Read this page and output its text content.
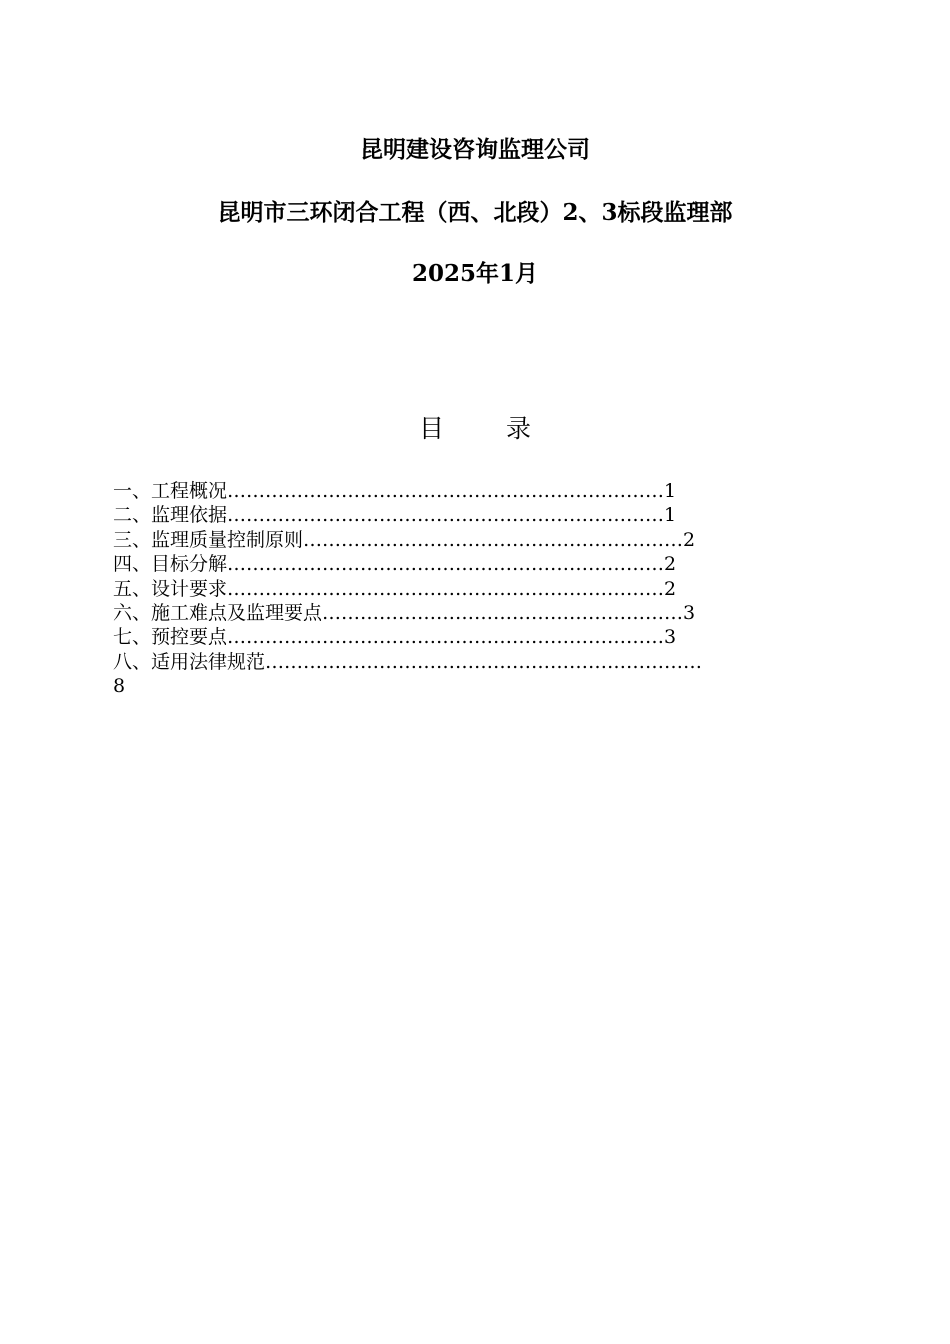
昆明建设咨询监理公司
昆明市三环闭合工程（西、北段）2、3标段监理部
2025年1月
目 录
一、工程概况……………………………………………………………1
二、监理依据……………………………………………………………1
三、监理质量控制原则……………………………………………………2
四、目标分解……………………………………………………………2
五、设计要求……………………………………………………………2
六、施工难点及监理要点…………………………………………………3
七、预控要点……………………………………………………………3
八、适用法律规范……………………………………………………………
8
